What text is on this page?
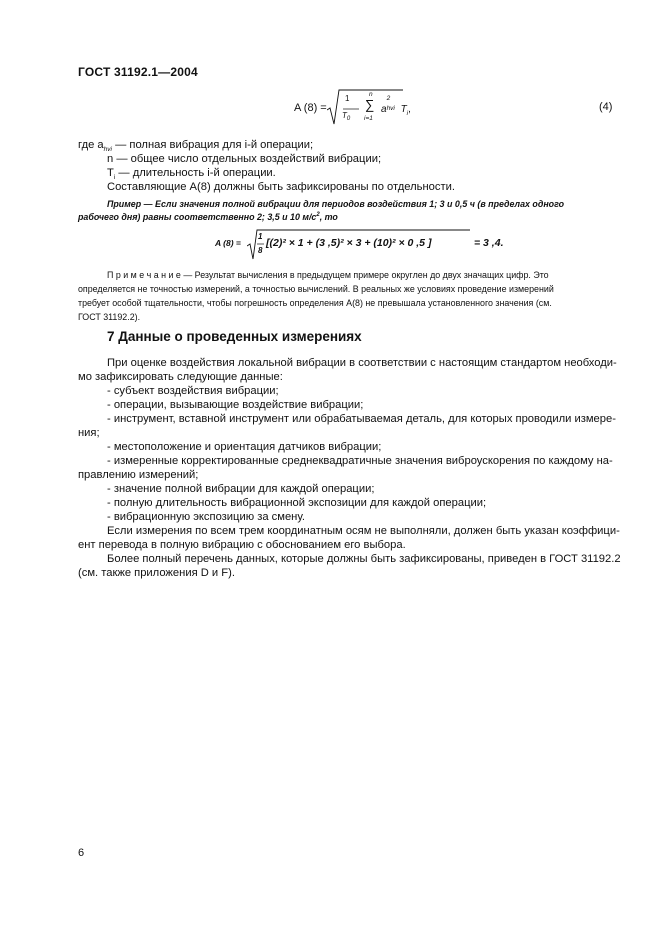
ГОСТ 31192.1—2004
A (8) =
1
$T_0$
n
∑
i=1
a
2
hvi $T_i$,	(4)
где $a_{hvi}$ — полная вибрация для i-й операции;
n — общее число отдельных воздействий вибрации;
$T_i$ — длительность i-й операции.
Составляющие A(8) должны быть зафиксированы по отдельности.
Пример — Если значения полной вибрации для периодов воздействия 1; 3 и 0,5 ч (в пределах одного
рабочего дня) равны соответственно 2; 3,5 и 10 $м/с^2$, то
A (8) =
1
8
[(2)² × 1 + (3 ,5)² × 3 + (10)² × 0 ,5 ]	= 3 ,4.
П р и м е ч а н и е — Результат вычисления в предыдущем примере округлен до двух значащих цифр. Это
определяется не точностью измерений, а точностью вычислений. В реальных же условиях проведение измерений
требует особой тщательности, чтобы погрешность определения A(8) не превышала установленного значения (см.
ГОСТ 31192.2).
7 Данные о проведенных измерениях
При оценке воздействия локальной вибрации в соответствии с настоящим стандартом необходи-
мо зафиксировать следующие данные:
- субъект воздействия вибрации;
- операции, вызывающие воздействие вибрации;
- инструмент, вставной инструмент или обрабатываемая деталь, для которых проводили измере-
ния;
- местоположение и ориентация датчиков вибрации;
- измеренные корректированные среднеквадратичные значения виброускорения по каждому на-
правлению измерений;
- значение полной вибрации для каждой операции;
- полную длительность вибрационной экспозиции для каждой операции;
- вибрационную экспозицию за смену.
Если измерения по всем трем координатным осям не выполняли, должен быть указан коэффици-
ент перевода в полную вибрацию с обоснованием его выбора.
Более полный перечень данных, которые должны быть зафиксированы, приведен в ГОСТ 31192.2
(см. также приложения D и F).
6
